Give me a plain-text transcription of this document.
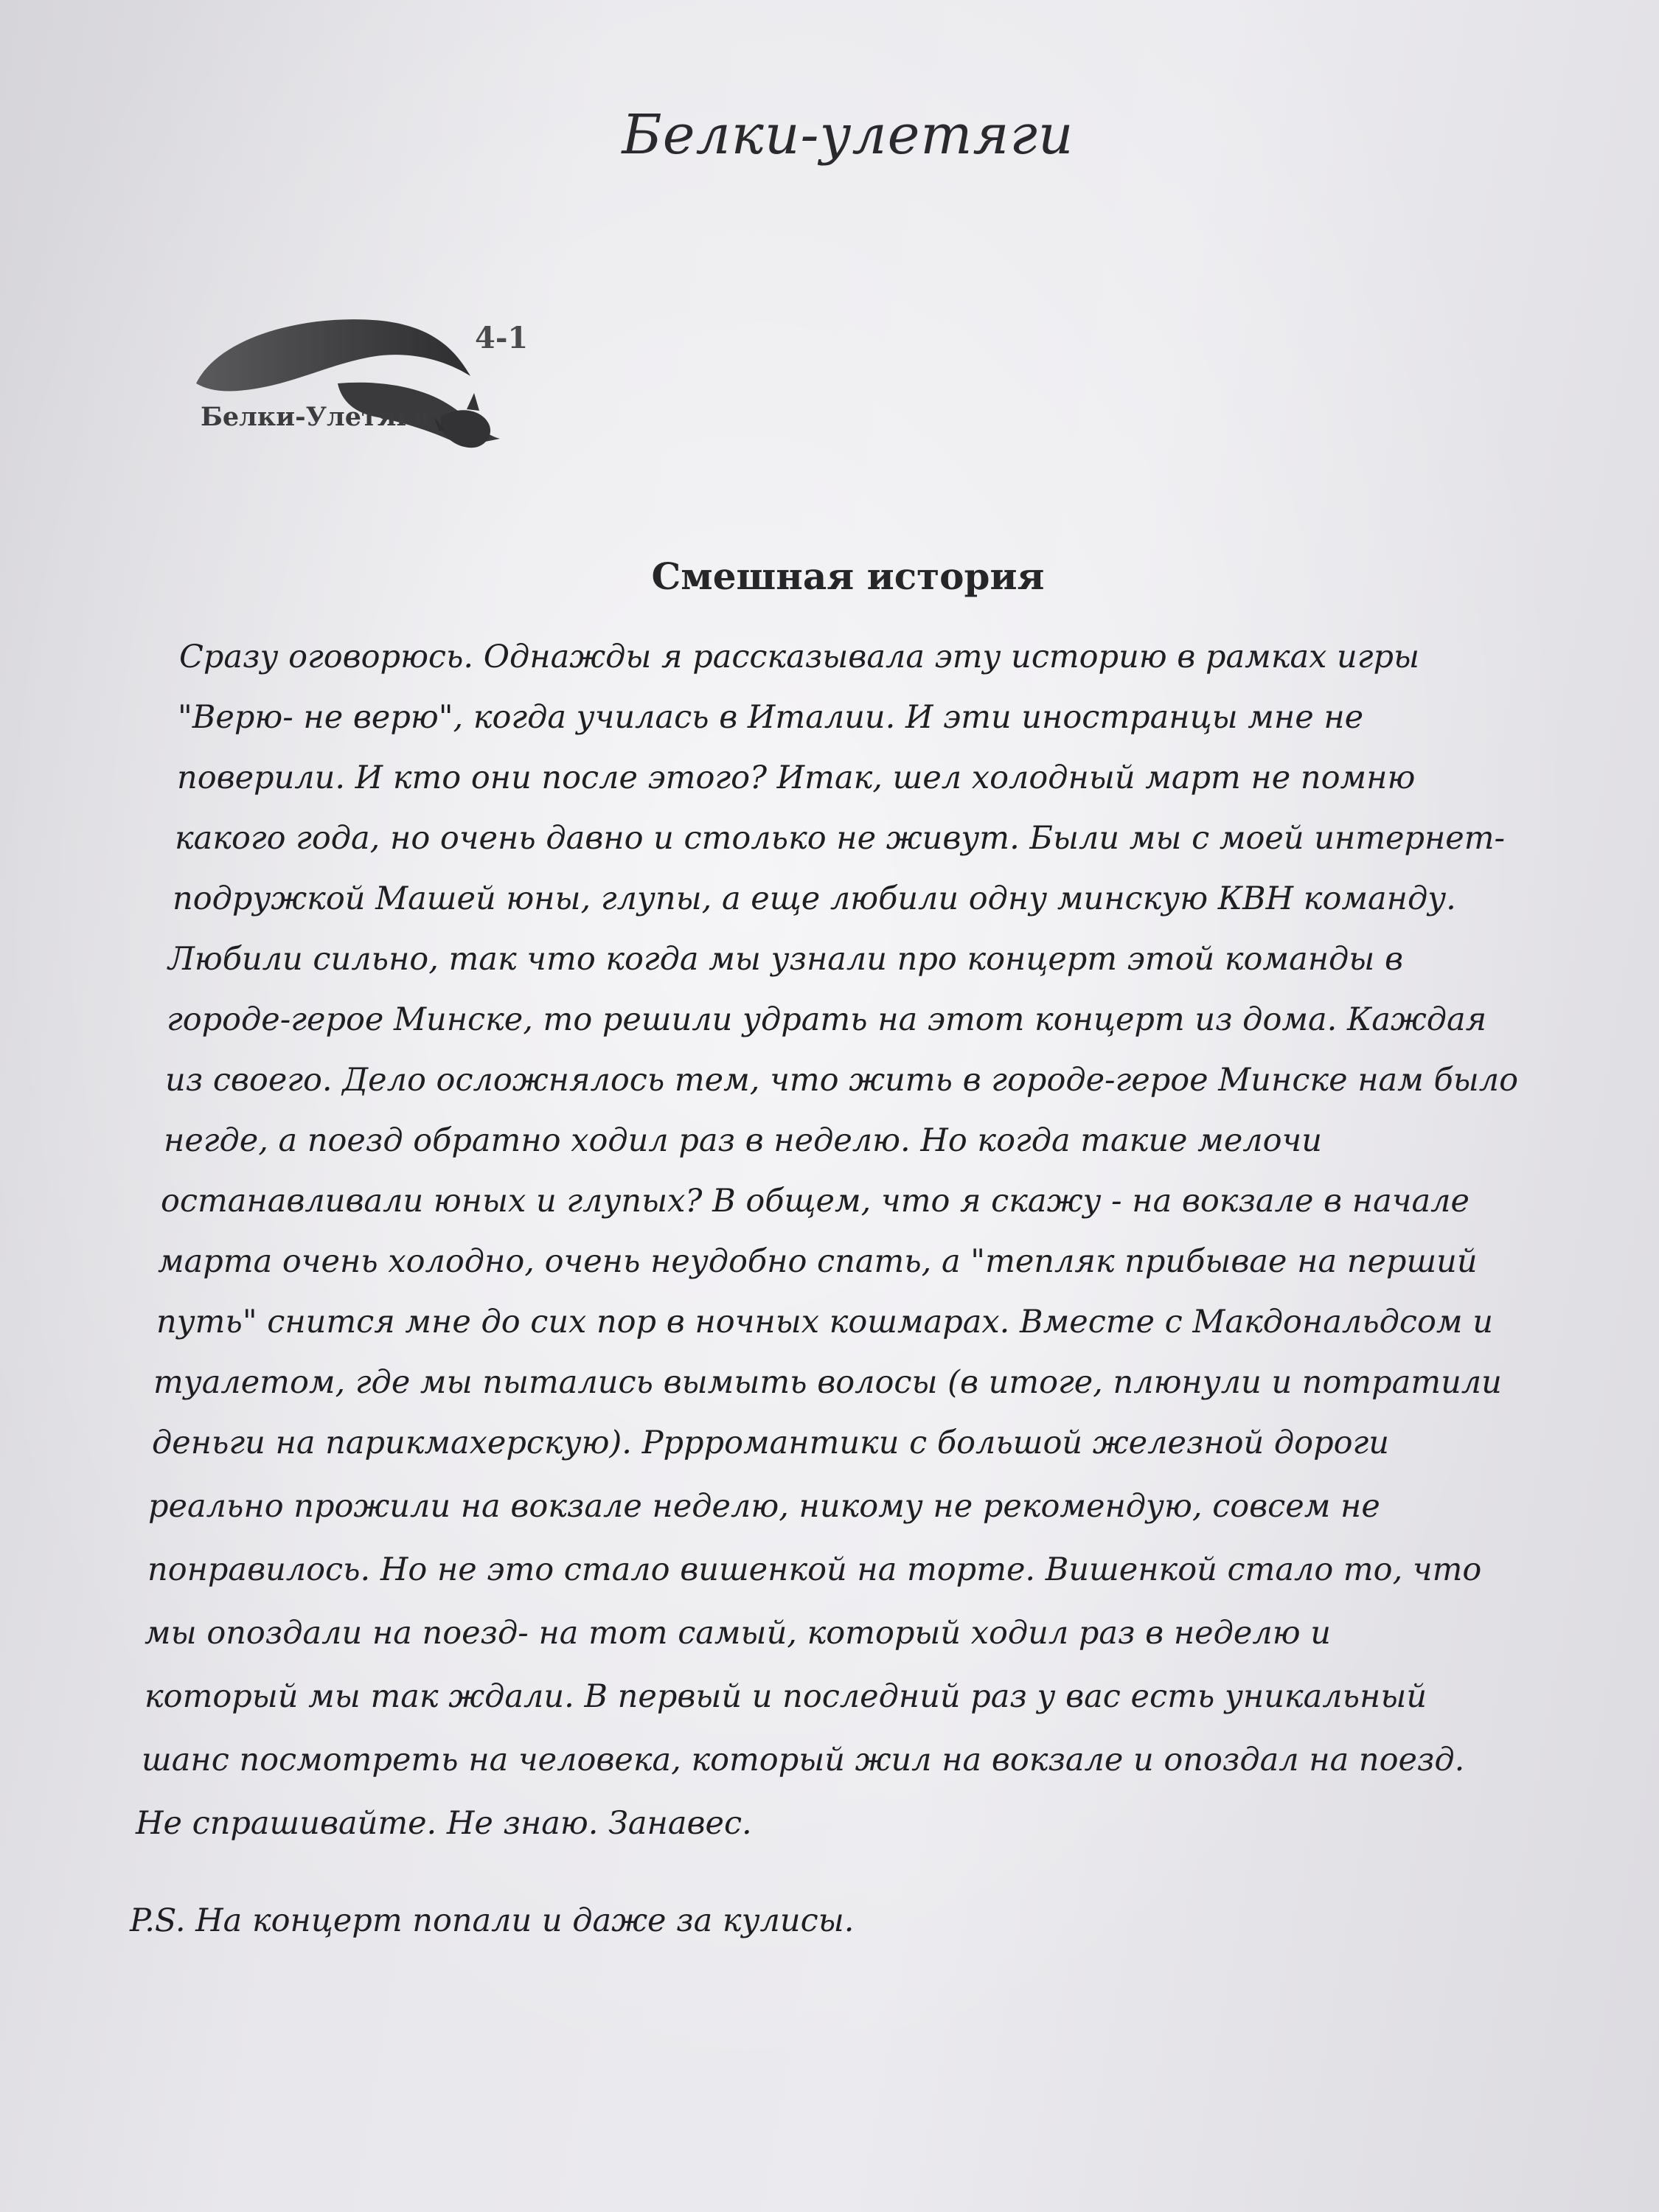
Белки-улетяги
4-1
Белки-Улетяги
Смешная история
Сразу оговорюсь. Однажды я рассказывала эту историю в рамках игры
"Верю- не верю", когда училась в Италии. И эти иностранцы мне не
поверили. И кто они после этого? Итак, шел холодный март не помню
какого года, но очень давно и столько не живут. Были мы с моей интернет-
подружкой Машей юны, глупы, а еще любили одну минскую КВН команду.
Любили сильно, так что когда мы узнали про концерт этой команды в
городе-герое Минске, то решили удрать на этот концерт из дома. Каждая
из своего. Дело осложнялось тем, что жить в городе-герое Минске нам было
негде, а поезд обратно ходил раз в неделю. Но когда такие мелочи
останавливали юных и глупых? В общем, что я скажу - на вокзале в начале
марта очень холодно, очень неудобно спать, а "тепляк прибывае на перший
путь" снится мне до сих пор в ночных кошмарах. Вместе с Макдональдсом и
туалетом, где мы пытались вымыть волосы (в итоге, плюнули и потратили
деньги на парикмахерскую). Рррромантики с большой железной дороги
реально прожили на вокзале неделю, никому не рекомендую, совсем не
понравилось. Но не это стало вишенкой на торте. Вишенкой стало то, что
мы опоздали на поезд- на тот самый, который ходил раз в неделю и
который мы так ждали. В первый и последний раз у вас есть уникальный
шанс посмотреть на человека, который жил на вокзале и опоздал на поезд.
Не спрашивайте. Не знаю. Занавес.
P.S. На концерт попали и даже за кулисы.
